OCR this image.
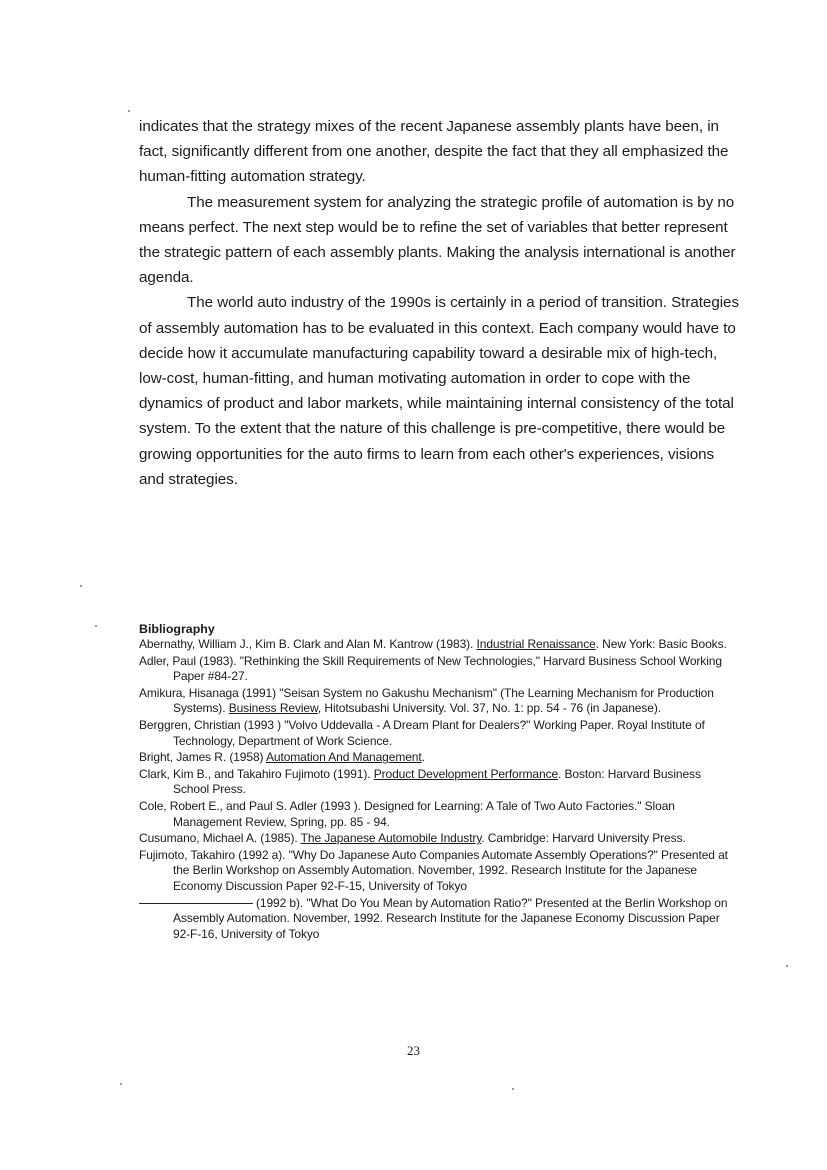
indicates that the strategy mixes of the recent Japanese assembly plants have been, in fact, significantly different from one another, despite the fact that they all emphasized the human-fitting automation strategy.

The measurement system for analyzing the strategic profile of automation is by no means perfect. The next step would be to refine the set of variables that better represent the strategic pattern of each assembly plants. Making the analysis international is another agenda.

The world auto industry of the 1990s is certainly in a period of transition. Strategies of assembly automation has to be evaluated in this context. Each company would have to decide how it accumulate manufacturing capability toward a desirable mix of high-tech, low-cost, human-fitting, and human motivating automation in order to cope with the dynamics of product and labor markets, while maintaining internal consistency of the total system. To the extent that the nature of this challenge is pre-competitive, there would be growing opportunities for the auto firms to learn from each other's experiences, visions and strategies.

Bibliography
Abernathy, William J., Kim B. Clark and Alan M. Kantrow (1983). Industrial Renaissance. New York: Basic Books.
Adler, Paul (1983). "Rethinking the Skill Requirements of New Technologies," Harvard Business School Working Paper #84-27.
Amikura, Hisanaga (1991) "Seisan System no Gakushu Mechanism" (The Learning Mechanism for Production Systems). Business Review, Hitotsubashi University. Vol. 37, No. 1: pp. 54 - 76 (in Japanese).
Berggren, Christian (1993 ) "Volvo Uddevalla - A Dream Plant for Dealers?" Working Paper. Royal Institute of Technology, Department of Work Science.
Bright, James R. (1958) Automation And Management.
Clark, Kim B., and Takahiro Fujimoto (1991). Product Development Performance. Boston: Harvard Business School Press.
Cole, Robert E., and Paul S. Adler (1993 ). Designed for Learning: A Tale of Two Auto Factories." Sloan Management Review, Spring, pp. 85 - 94.
Cusumano, Michael A. (1985). The Japanese Automobile Industry. Cambridge: Harvard University Press.
Fujimoto, Takahiro (1992 a). "Why Do Japanese Auto Companies Automate Assembly Operations?" Presented at the Berlin Workshop on Assembly Automation. November, 1992. Research Institute for the Japanese Economy Discussion Paper 92-F-15, University of Tokyo
(1992 b). "What Do You Mean by Automation Ratio?" Presented at the Berlin Workshop on Assembly Automation. November, 1992. Research Institute for the Japanese Economy Discussion Paper 92-F-16, University of Tokyo
23
